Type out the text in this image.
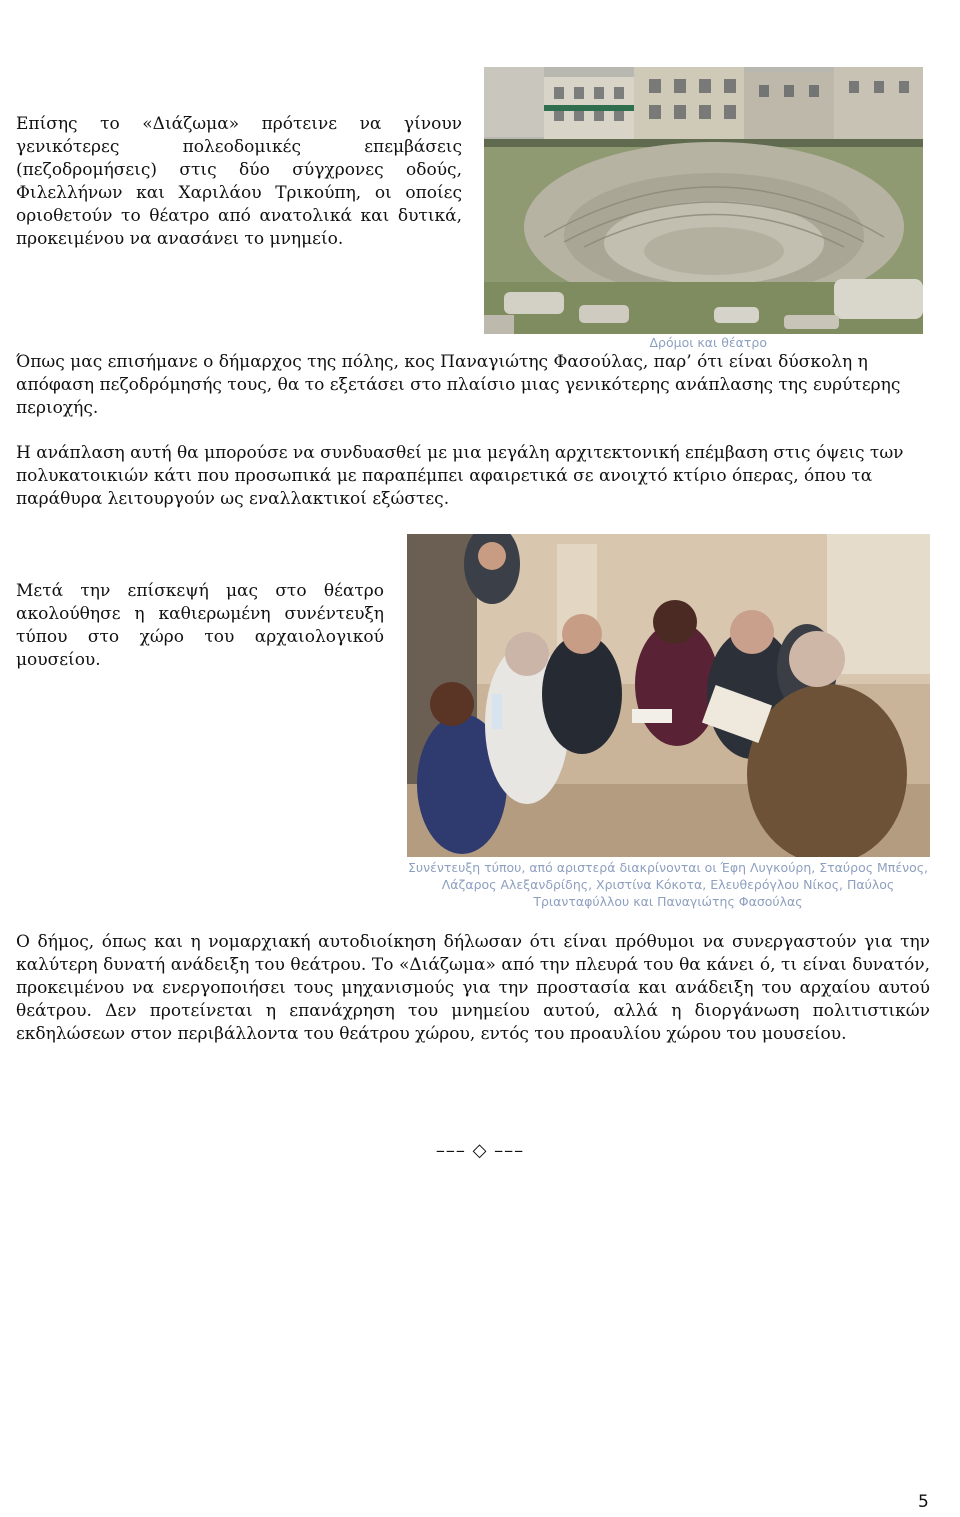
Επίσης το «Διάζωμα» πρότεινε να γίνουν γενικότερες πολεοδομικές επεμβάσεις (πεζοδρομήσεις) στις δύο σύγχρονες οδούς, Φιλελλήνων και Χαριλάου Τρικούπη, οι οποίες οριοθετούν το θέατρο από ανατολικά και δυτικά, προκειμένου να ανασάνει το μνημείο.

Δρόμοι και θέατρο

Όπως μας επισήμανε ο δήμαρχος της πόλης, κος Παναγιώτης Φασούλας, παρ’ ότι είναι δύσκολη η απόφαση πεζοδρόμησής τους, θα το εξετάσει στο πλαίσιο μιας γενικότερης ανάπλασης της ευρύτερης περιοχής.

Η ανάπλαση αυτή θα μπορούσε να συνδυασθεί με μια μεγάλη αρχιτεκτονική επέμβαση στις όψεις των πολυκατοικιών κάτι που προσωπικά με παραπέμπει αφαιρετικά σε ανοιχτό κτίριο όπερας, όπου τα παράθυρα λειτουργούν ως εναλλακτικοί εξώστες.

Μετά την επίσκεψή μας στο θέατρο ακολούθησε η καθιερωμένη συνέντευξη τύπου στο χώρο του αρχαιολογικού μουσείου.

Συνέντευξη τύπου, από αριστερά διακρίνονται οι Έφη Λυγκούρη, Σταύρος Μπένος, Λάζαρος Αλεξανδρίδης, Χριστίνα Κόκοτα, Ελευθερόγλου Νίκος, Παύλος Τριανταφύλλου και Παναγιώτης Φασούλας

Ο δήμος, όπως και η νομαρχιακή αυτοδιοίκηση δήλωσαν ότι είναι πρόθυμοι να συνεργαστούν για την καλύτερη δυνατή ανάδειξη του θεάτρου. Το «Διάζωμα» από την πλευρά του θα κάνει ό, τι είναι δυνατόν, προκειμένου να ενεργοποιήσει τους μηχανισμούς για την προστασία και ανάδειξη του αρχαίου αυτού θεάτρου. Δεν προτείνεται η επανάχρηση του μνημείου αυτού, αλλά η διοργάνωση πολιτιστικών εκδηλώσεων στον περιβάλλοντα του θεάτρου χώρου, εντός του προαυλίου χώρου του μουσείου.

––– ◇ –––
5
